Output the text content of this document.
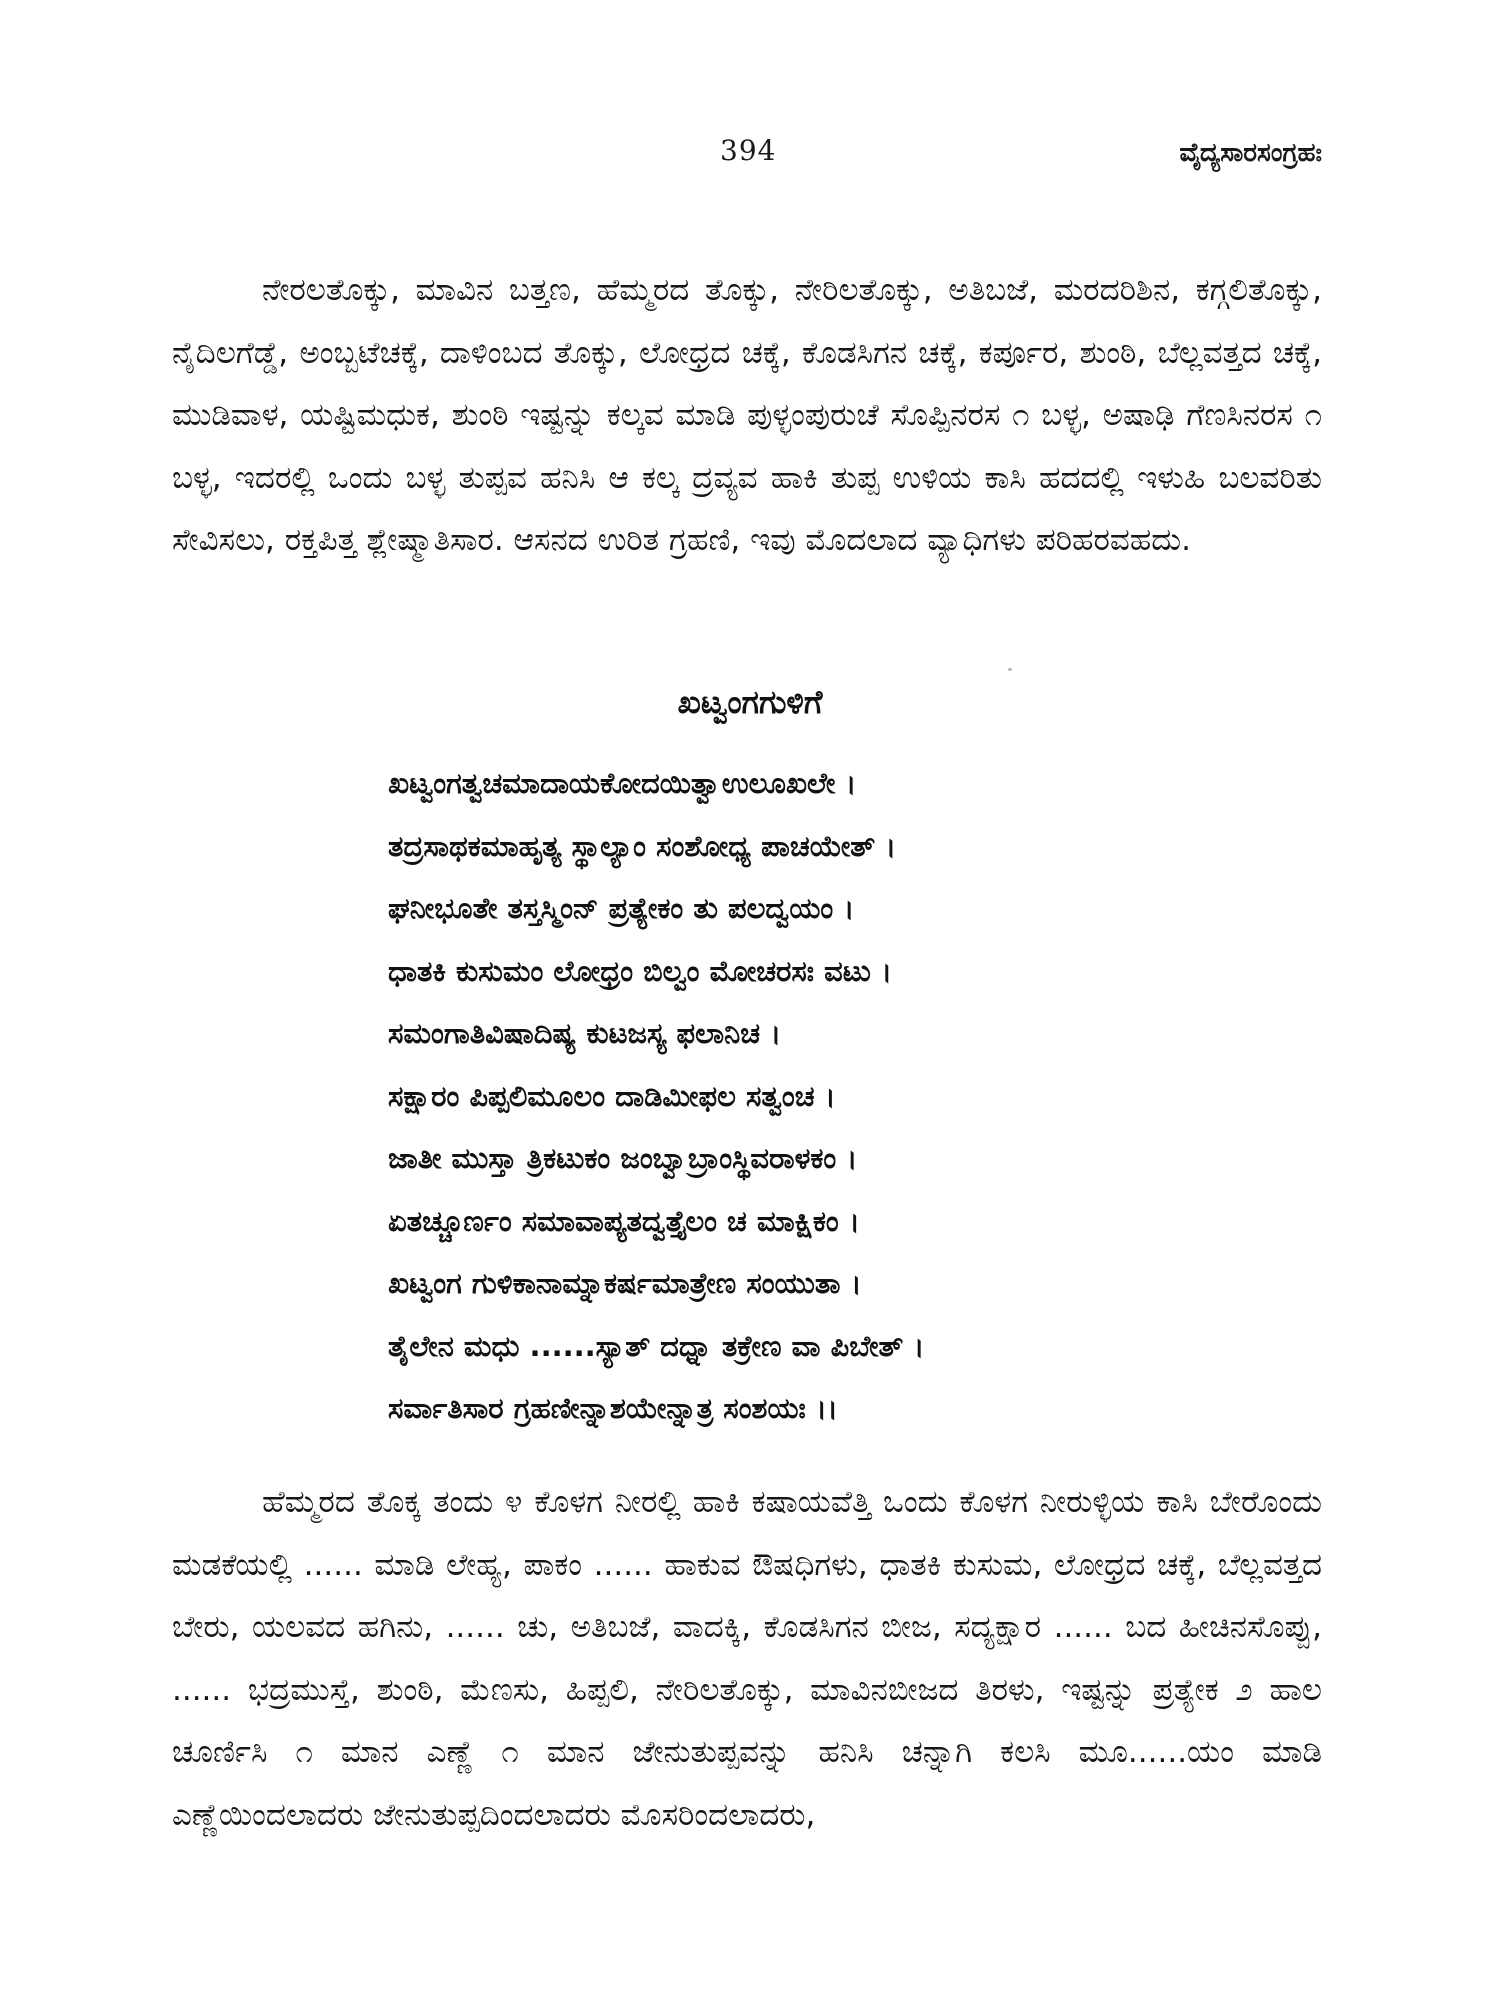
394	ವೈದ್ಯಸಾರಸಂಗ್ರಹಃ

ನೇರಲತೊಕ್ಕು, ಮಾವಿನ ಬತ್ತಣ, ಹೆಮ್ಮರದ ತೊಕ್ಕು, ನೇರಿಲತೊಕ್ಕು, ಅತಿಬಜೆ, ಮರದರಿಶಿನ, ಕಗ್ಗಲಿತೊಕ್ಕು, ನೈದಿಲಗೆಡ್ಡೆ, ಅಂಬ್ಬಟೆಚಕ್ಕೆ, ದಾಳಿಂಬದ ತೊಕ್ಕು, ಲೋಧ್ರದ ಚಕ್ಕೆ, ಕೊಡಸಿಗನ ಚಕ್ಕೆ, ಕರ್ಪೂರ, ಶುಂಠಿ, ಬೆಲ್ಲವತ್ತದ ಚಕ್ಕೆ, ಮುಡಿವಾಳ, ಯಷ್ಟಿಮಧುಕ, ಶುಂಠಿ ಇಷ್ಟನ್ನು ಕಲ್ಕವ ಮಾಡಿ ಪುಳ್ಳಂಪುರುಚೆ ಸೊಪ್ಪಿನರಸ ೧ ಬಳ್ಳ, ಅಷಾಢಿ ಗೆಣಸಿನರಸ ೧ ಬಳ್ಳ, ಇದರಲ್ಲಿ ಒಂದು ಬಳ್ಳ ತುಪ್ಪವ ಹನಿಸಿ ಆ ಕಲ್ಕ ದ್ರವ್ಯವ ಹಾಕಿ ತುಪ್ಪ ಉಳಿಯ ಕಾಸಿ ಹದದಲ್ಲಿ ಇಳುಹಿ ಬಲವರಿತು ಸೇವಿಸಲು, ರಕ್ತಪಿತ್ತ ಶ್ಲೇಷ್ಮಾತಿಸಾರ. ಆಸನದ ಉರಿತ ಗ್ರಹಣಿ, ಇವು ಮೊದಲಾದ ವ್ಯಾಧಿಗಳು ಪರಿಹರವಹದು.

ಖಟ್ವಂಗಗುಳಿಗೆ
ಖಟ್ವಂಗತ್ವಚಮಾದಾಯಕೋದಯಿತ್ವಾಉಲೂಖಲೇ ।
ತದ್ರಸಾಥಕಮಾಹೃತ್ಯ ಸ್ಥಾಲ್ಯಾಂ ಸಂಶೋಧ್ಯ ಪಾಚಯೇತ್ ।
ಘನೀಭೂತೇ ತಸ್ತಸ್ಮಿಂನ್ ಪ್ರತ್ಯೇಕಂ ತು ಪಲದ್ವಯಂ ।
ಧಾತಕಿ ಕುಸುಮಂ ಲೋಧ್ರಂ ಬಿಲ್ವಂ ಮೋಚರಸಃ ವಟು ।
ಸಮಂಗಾತಿವಿಷಾದಿಷ್ಯ ಕುಟಜಸ್ಯ ಫಲಾನಿಚ ।
ಸಕ್ಷಾರಂ ಪಿಪ್ಪಲಿಮೂಲಂ ದಾಡಿಮೀಫಲ ಸತ್ವಂಚ ।
ಜಾತೀ ಮುಸ್ತಾ ತ್ರಿಕಟುಕಂ ಜಂಬ್ವಾಬ್ರಾಂಸ್ಥಿವರಾಳಕಂ ।
ಏತಚ್ಚೂರ್ಣಂ ಸಮಾವಾಪ್ಯತದ್ವತ್ತೈಲಂ ಚ ಮಾಕ್ಷಿಕಂ ।
ಖಟ್ವಂಗ ಗುಳಿಕಾನಾಮ್ನಾಕರ್ಷಮಾತ್ರೇಣ ಸಂಯುತಾ ।
ತೈಲೇನ ಮಧು ......ಸ್ಯಾತ್ ದಧ್ನಾ ತಕ್ರೇಣ ವಾ ಪಿಬೇತ್ ।
ಸರ್ವಾತಿಸಾರ ಗ್ರಹಣೀನ್ನಾಶಯೇನ್ನಾತ್ರ ಸಂಶಯಃ ।।

ಹೆಮ್ಮರದ ತೊಕ್ಕ ತಂದು ೪ ಕೊಳಗ ನೀರಲ್ಲಿ ಹಾಕಿ ಕಷಾಯವೆತ್ತಿ ಒಂದು ಕೊಳಗ ನೀರುಳ್ಳಿಯ ಕಾಸಿ ಬೇರೊಂದು ಮಡಕೆಯಲ್ಲಿ ...... ಮಾಡಿ ಲೇಹ್ಯ, ಪಾಕಂ ...... ಹಾಕುವ ಔಷಧಿಗಳು, ಧಾತಕಿ ಕುಸುಮ, ಲೋಧ್ರದ ಚಕ್ಕೆ, ಬೆಲ್ಲವತ್ತದ ಬೇರು, ಯಲವದ ಹಗಿನು, ...... ಚು, ಅತಿಬಜೆ, ವಾದಕ್ಕಿ, ಕೊಡಸಿಗನ ಬೀಜ, ಸದ್ಯಕ್ಷಾರ ...... ಬದ ಹೀಚಿನಸೊಪ್ಪು, ...... ಭದ್ರಮುಸ್ತೆ, ಶುಂಠಿ, ಮೆಣಸು, ಹಿಪ್ಪಲಿ, ನೇರಿಲತೊಕ್ಕು, ಮಾವಿನಬೀಜದ ತಿರಳು, ಇಷ್ಟನ್ನು ಪ್ರತ್ಯೇಕ ೨ ಹಾಲ ಚೂರ್ಣಿಸಿ ೧ ಮಾನ ಎಣ್ಣೆ ೧ ಮಾನ ಜೇನುತುಪ್ಪವನ್ನು ಹನಿಸಿ ಚನ್ನಾಗಿ ಕಲಸಿ ಮೂ......ಯಂ ಮಾಡಿ ಎಣ್ಣೆಯಿಂದಲಾದರು ಜೇನುತುಪ್ಪದಿಂದಲಾದರು ಮೊಸರಿಂದಲಾದರು,
